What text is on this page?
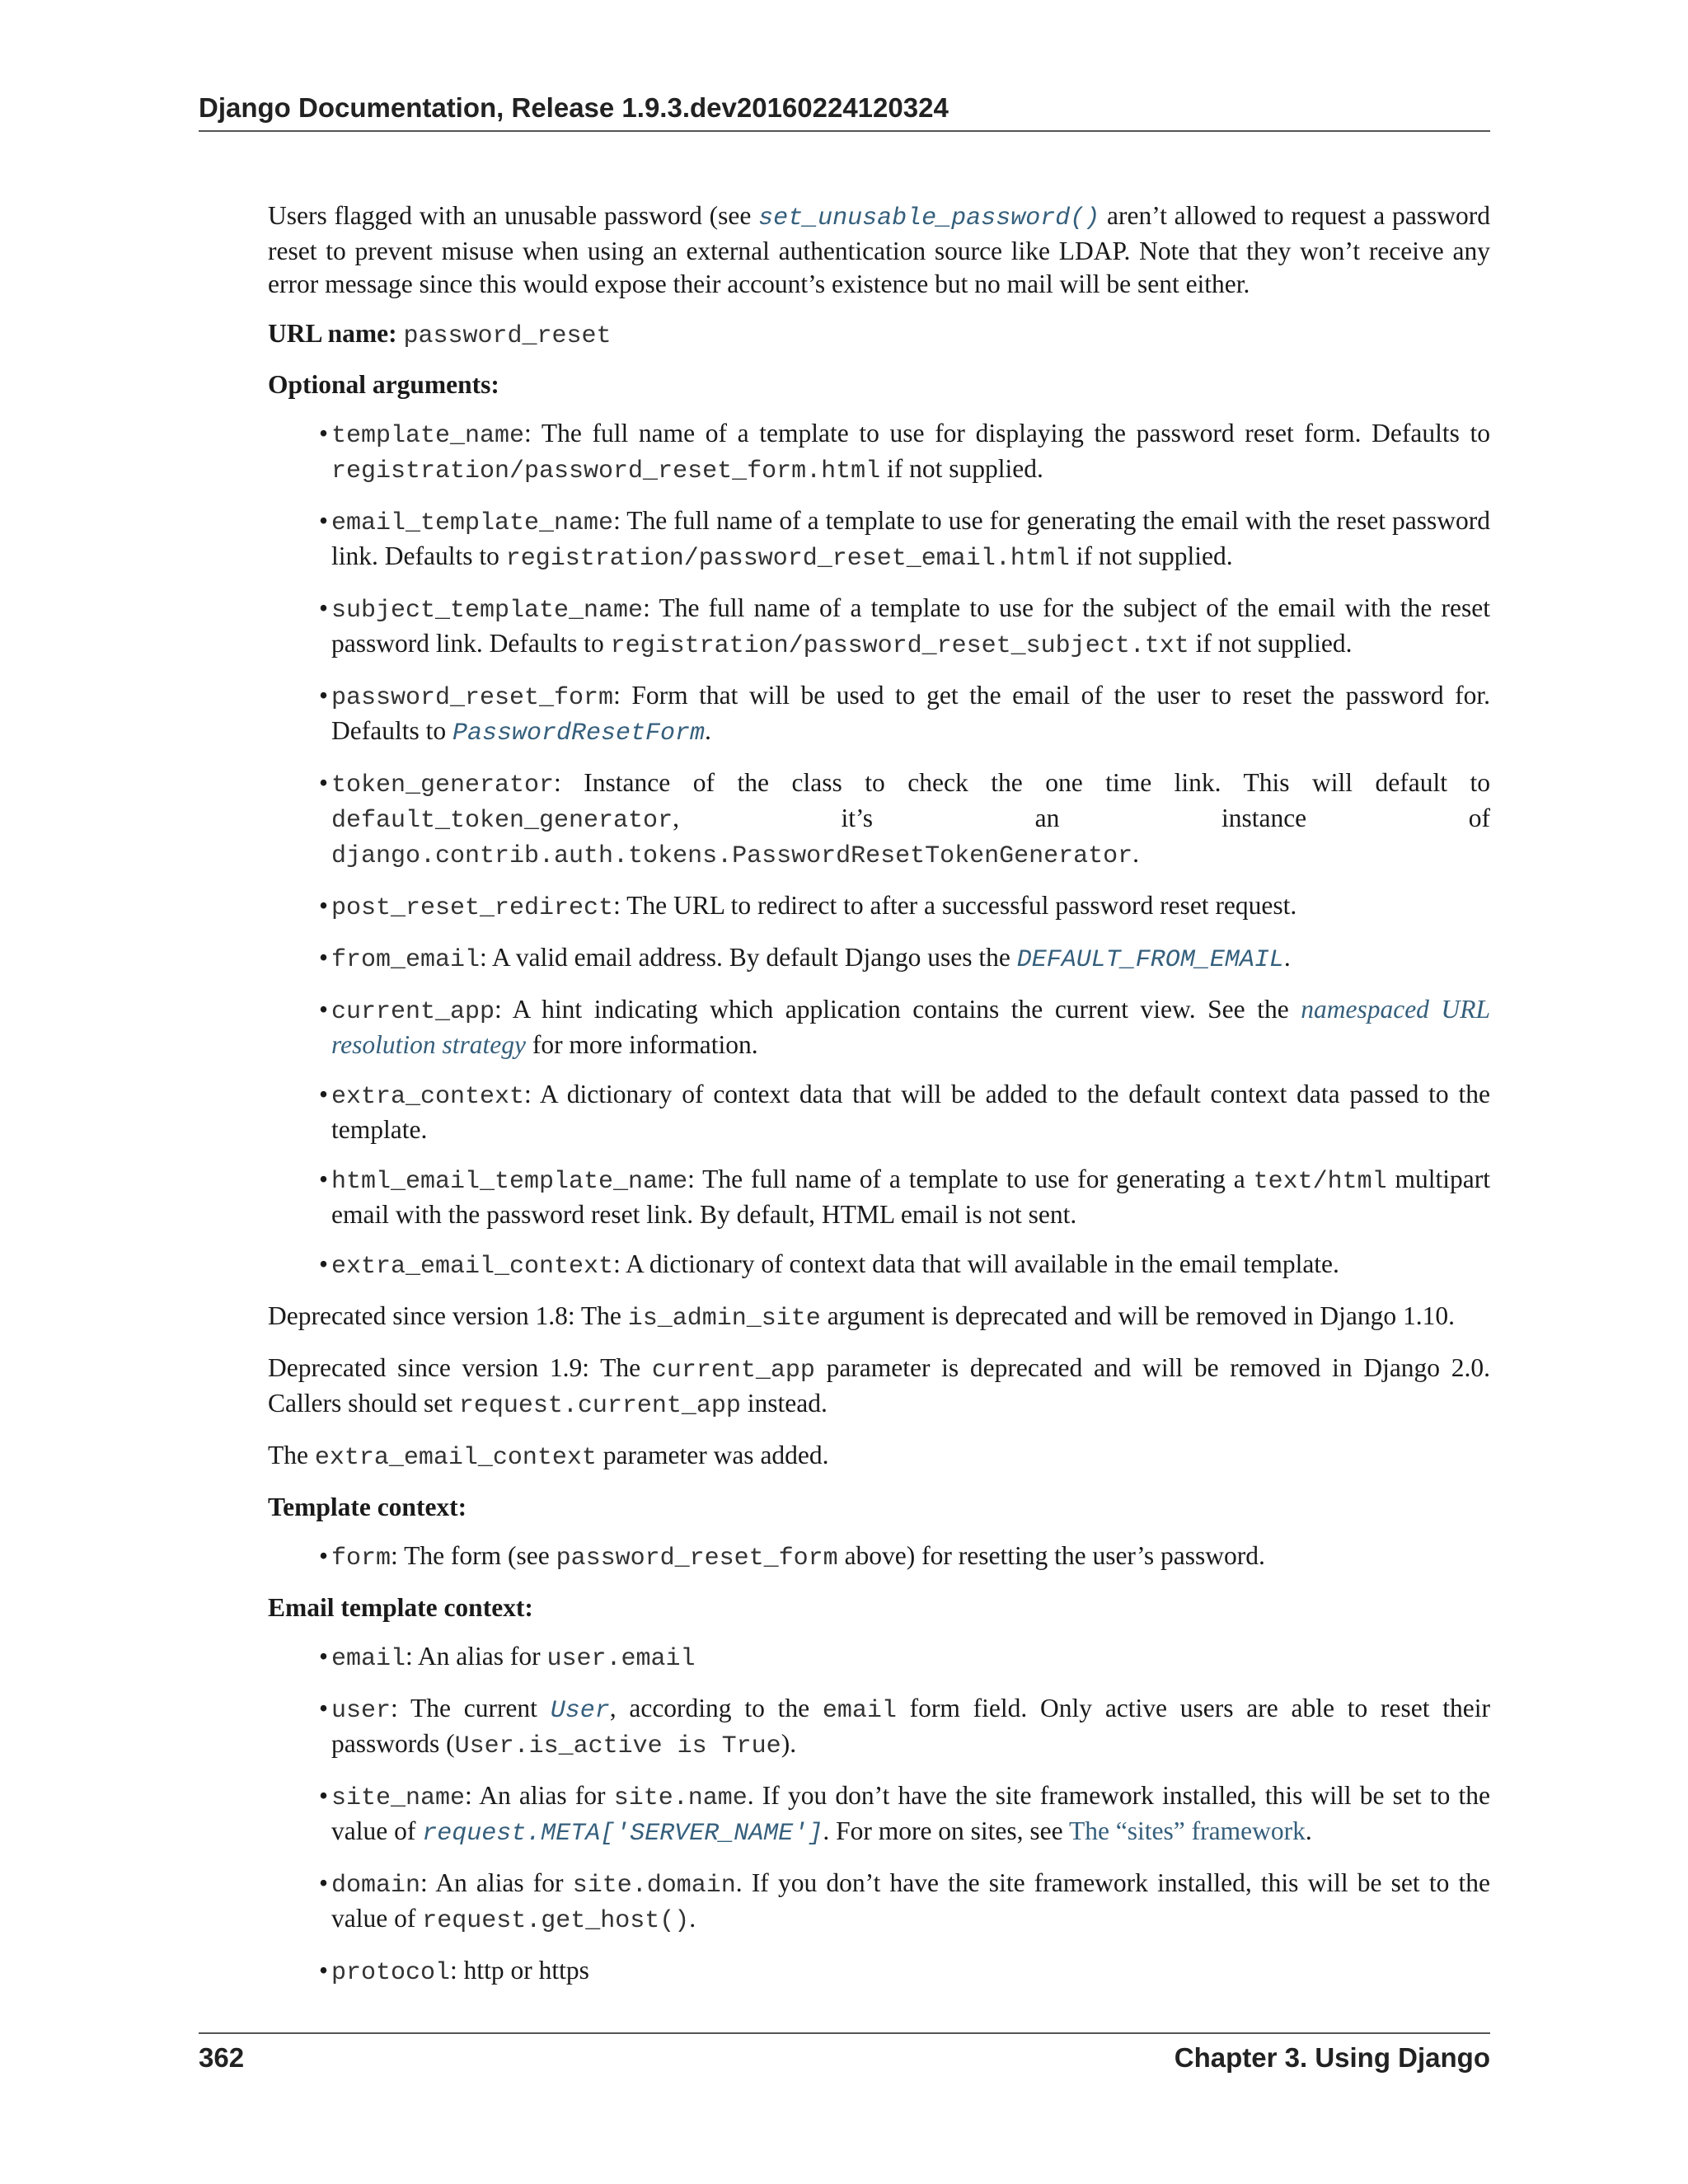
Django Documentation, Release 1.9.3.dev20160224120324

Users flagged with an unusable password (see set_unusable_password() aren’t allowed to request a password reset to prevent misuse when using an external authentication source like LDAP. Note that they won’t receive any error message since this would expose their account’s existence but no mail will be sent either.

URL name: password_reset

Optional arguments:

• template_name: The full name of a template to use for displaying the password reset form. Defaults to registration/password_reset_form.html if not supplied.
• email_template_name: The full name of a template to use for generating the email with the reset password link. Defaults to registration/password_reset_email.html if not supplied.
• subject_template_name: The full name of a template to use for the subject of the email with the reset password link. Defaults to registration/password_reset_subject.txt if not supplied.
• password_reset_form: Form that will be used to get the email of the user to reset the password for. Defaults to PasswordResetForm.
• token_generator: Instance of the class to check the one time link. This will default to default_token_generator, it’s an instance of django.contrib.auth.tokens.PasswordResetTokenGenerator.
• post_reset_redirect: The URL to redirect to after a successful password reset request.
• from_email: A valid email address. By default Django uses the DEFAULT_FROM_EMAIL.
• current_app: A hint indicating which application contains the current view. See the namespaced URL resolution strategy for more information.
• extra_context: A dictionary of context data that will be added to the default context data passed to the template.
• html_email_template_name: The full name of a template to use for generating a text/html multipart email with the password reset link. By default, HTML email is not sent.
• extra_email_context: A dictionary of context data that will available in the email template.

Deprecated since version 1.8: The is_admin_site argument is deprecated and will be removed in Django 1.10.

Deprecated since version 1.9: The current_app parameter is deprecated and will be removed in Django 2.0. Callers should set request.current_app instead.

The extra_email_context parameter was added.

Template context:

• form: The form (see password_reset_form above) for resetting the user’s password.

Email template context:

• email: An alias for user.email
• user: The current User, according to the email form field. Only active users are able to reset their passwords (User.is_active is True).
• site_name: An alias for site.name. If you don’t have the site framework installed, this will be set to the value of request.META['SERVER_NAME']. For more on sites, see The “sites” framework.
• domain: An alias for site.domain. If you don’t have the site framework installed, this will be set to the value of request.get_host().
• protocol: http or https
362	Chapter 3. Using Django
